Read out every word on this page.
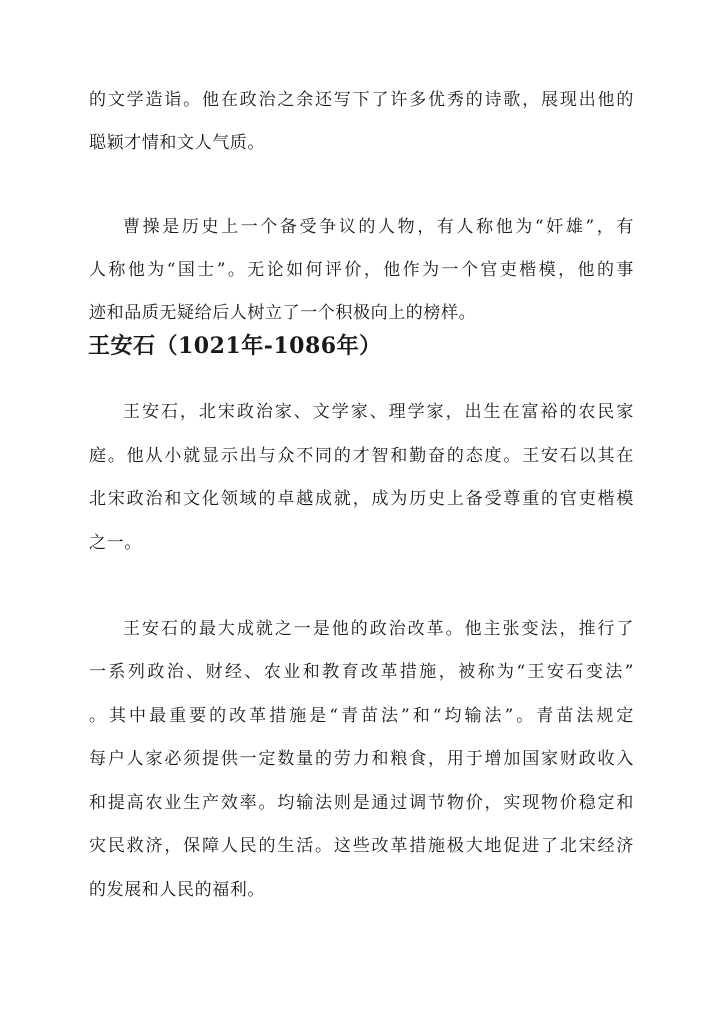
的文学造诣。他在政治之余还写下了许多优秀的诗歌，展现出他的
聪颖才情和文人气质。
曹操是历史上一个备受争议的人物，有人称他为“奸雄”，有
人称他为“国士”。无论如何评价，他作为一个官吏楷模，他的事
迹和品质无疑给后人树立了一个积极向上的榜样。
王安石（1021年-1086年）
王安石，北宋政治家、文学家、理学家，出生在富裕的农民家
庭。他从小就显示出与众不同的才智和勤奋的态度。王安石以其在
北宋政治和文化领域的卓越成就，成为历史上备受尊重的官吏楷模
之一。
王安石的最大成就之一是他的政治改革。他主张变法，推行了
一系列政治、财经、农业和教育改革措施，被称为“王安石变法”
。其中最重要的改革措施是“青苗法”和“均输法”。青苗法规定
每户人家必须提供一定数量的劳力和粮食，用于增加国家财政收入
和提高农业生产效率。均输法则是通过调节物价，实现物价稳定和
灾民救济，保障人民的生活。这些改革措施极大地促进了北宋经济
的发展和人民的福利。
